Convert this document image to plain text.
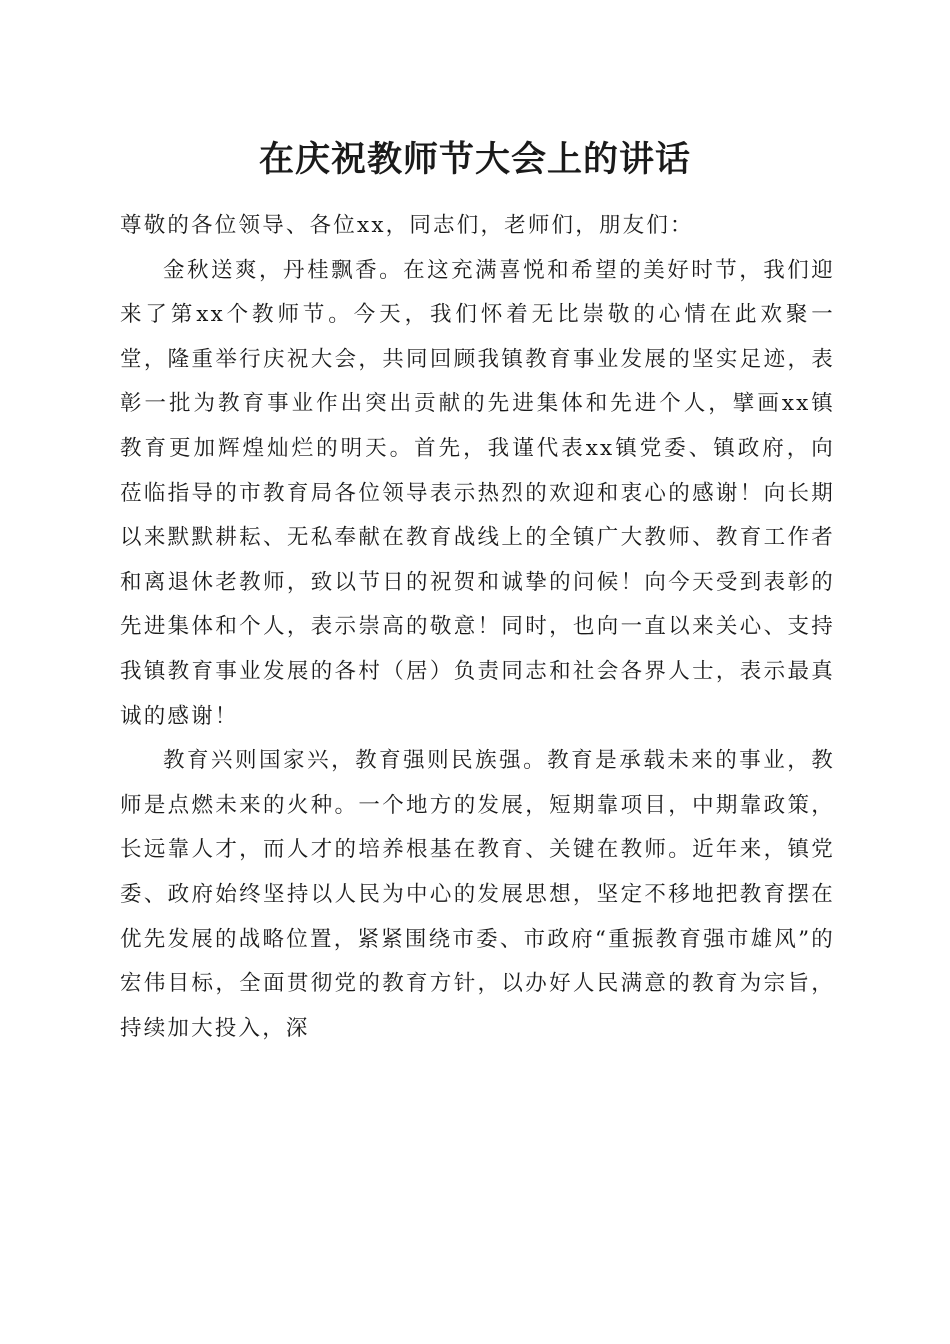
在庆祝教师节大会上的讲话

尊敬的各位领导、各位xx，同志们，老师们，朋友们：

金秋送爽，丹桂飘香。在这充满喜悦和希望的美好时节，我们迎来了第xx个教师节。今天，我们怀着无比崇敬的心情在此欢聚一堂，隆重举行庆祝大会，共同回顾我镇教育事业发展的坚实足迹，表彰一批为教育事业作出突出贡献的先进集体和先进个人，擘画xx镇教育更加辉煌灿烂的明天。首先，我谨代表xx镇党委、镇政府，向莅临指导的市教育局各位领导表示热烈的欢迎和衷心的感谢！向长期以来默默耕耘、无私奉献在教育战线上的全镇广大教师、教育工作者和离退休老教师，致以节日的祝贺和诚挚的问候！向今天受到表彰的先进集体和个人，表示崇高的敬意！同时，也向一直以来关心、支持我镇教育事业发展的各村（居）负责同志和社会各界人士，表示最真诚的感谢！

教育兴则国家兴，教育强则民族强。教育是承载未来的事业，教师是点燃未来的火种。一个地方的发展，短期靠项目，中期靠政策，长远靠人才，而人才的培养根基在教育、关键在教师。近年来，镇党委、政府始终坚持以人民为中心的发展思想，坚定不移地把教育摆在优先发展的战略位置，紧紧围绕市委、市政府“重振教育强市雄风”的宏伟目标，全面贯彻党的教育方针，以办好人民满意的教育为宗旨，持续加大投入，深
